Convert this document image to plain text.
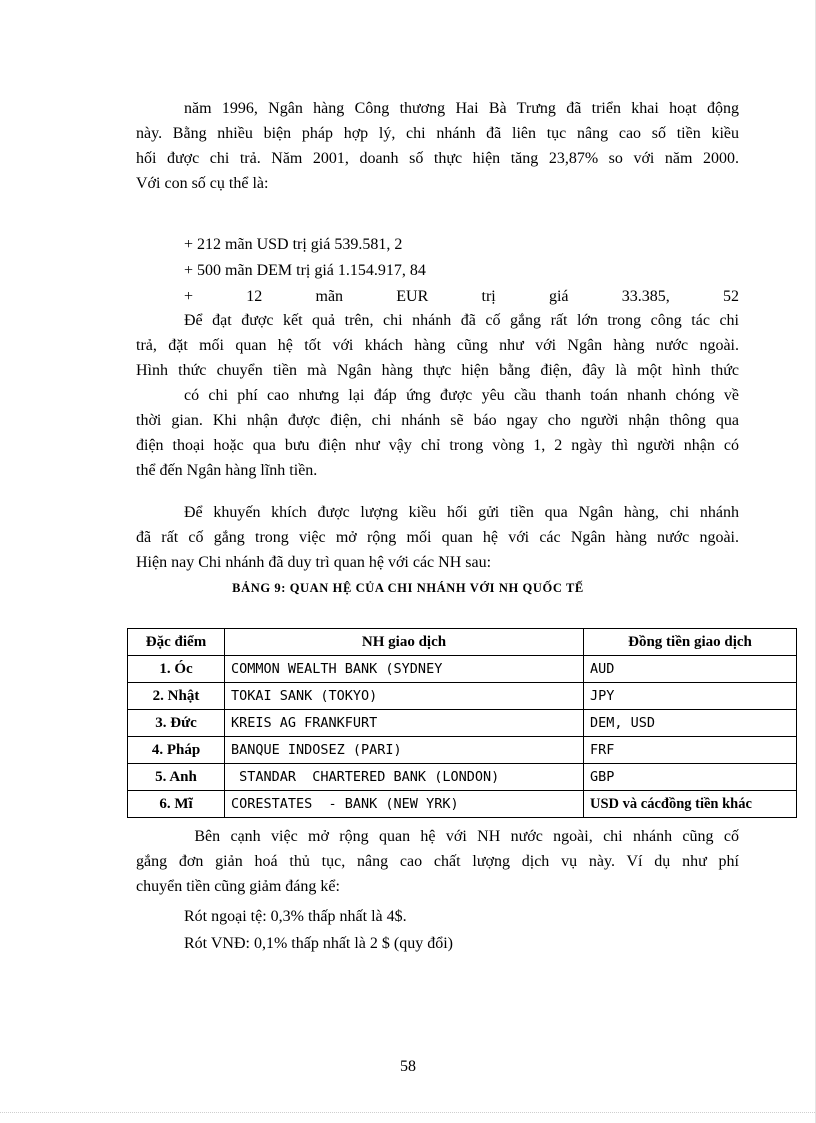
năm 1996, Ngân hàng Công thương Hai Bà Trưng đã triển khai hoạt động
này. Bằng nhiều biện pháp hợp lý, chi nhánh đã liên tục nâng cao số tiền kiều
hối được chi trả. Năm 2001, doanh số thực hiện tăng 23,87% so với năm 2000.
Với con số cụ thể là:

+ 212 mãn USD trị giá 539.581, 2

+ 500 mãn DEM trị giá 1.154.917, 84

+	12	mãn	EUR	trị	giá	33.385,	52

Để đạt được kết quả trên, chi nhánh đã cố gắng rất lớn trong công tác chi
trả, đặt mối quan hệ tốt với khách hàng cũng như với Ngân hàng nước ngoài.
Hình thức chuyển tiền mà Ngân hàng thực hiện bằng điện, đây là một hình thức
có chi phí cao nhưng lại đáp ứng được yêu cầu thanh toán nhanh chóng về
thời gian. Khi nhận được điện, chi nhánh sẽ báo ngay cho người nhận thông qua
điện thoại hoặc qua bưu điện như vậy chỉ trong vòng 1, 2 ngày thì người nhận có
thể đến Ngân hàng lĩnh tiền.
Để khuyến khích được lượng kiều hối gửi tiền qua Ngân hàng, chi nhánh
đã rất cố gắng trong việc mở rộng mối quan hệ với các Ngân hàng nước ngoài.
Hiện nay Chi nhánh đã duy trì quan hệ với các NH sau:

BẢNG 9: QUAN HỆ CỦA CHI NHÁNH VỚI NH QUỐC TẾ

Đặc điểm	NH giao dịch	Đồng tiền giao dịch
1. Óc	COMMON WEALTH BANK (SYDNEY	AUD
2. Nhật	TOKAI SANK (TOKYO)	JPY
3. Đức	KREIS AG FRANKFURT	DEM, USD
4. Pháp	BANQUE INDOSEZ (PARI)	FRF
5. Anh	STANDAR  CHARTERED BANK (LONDON)	GBP
6. Mĩ	CORESTATES  - BANK (NEW YRK)	USD và cácđồng tiền khác
Bên cạnh việc mở rộng quan hệ với NH nước ngoài, chi nhánh cũng cố
gắng đơn giản hoá thủ tục, nâng cao chất lượng dịch vụ này. Ví dụ như phí
chuyển tiền cũng giảm đáng kể:

Rót ngoại tệ: 0,3% thấp nhất là 4$.

Rót VNĐ: 0,1% thấp nhất là 2 $ (quy đổi)

58
